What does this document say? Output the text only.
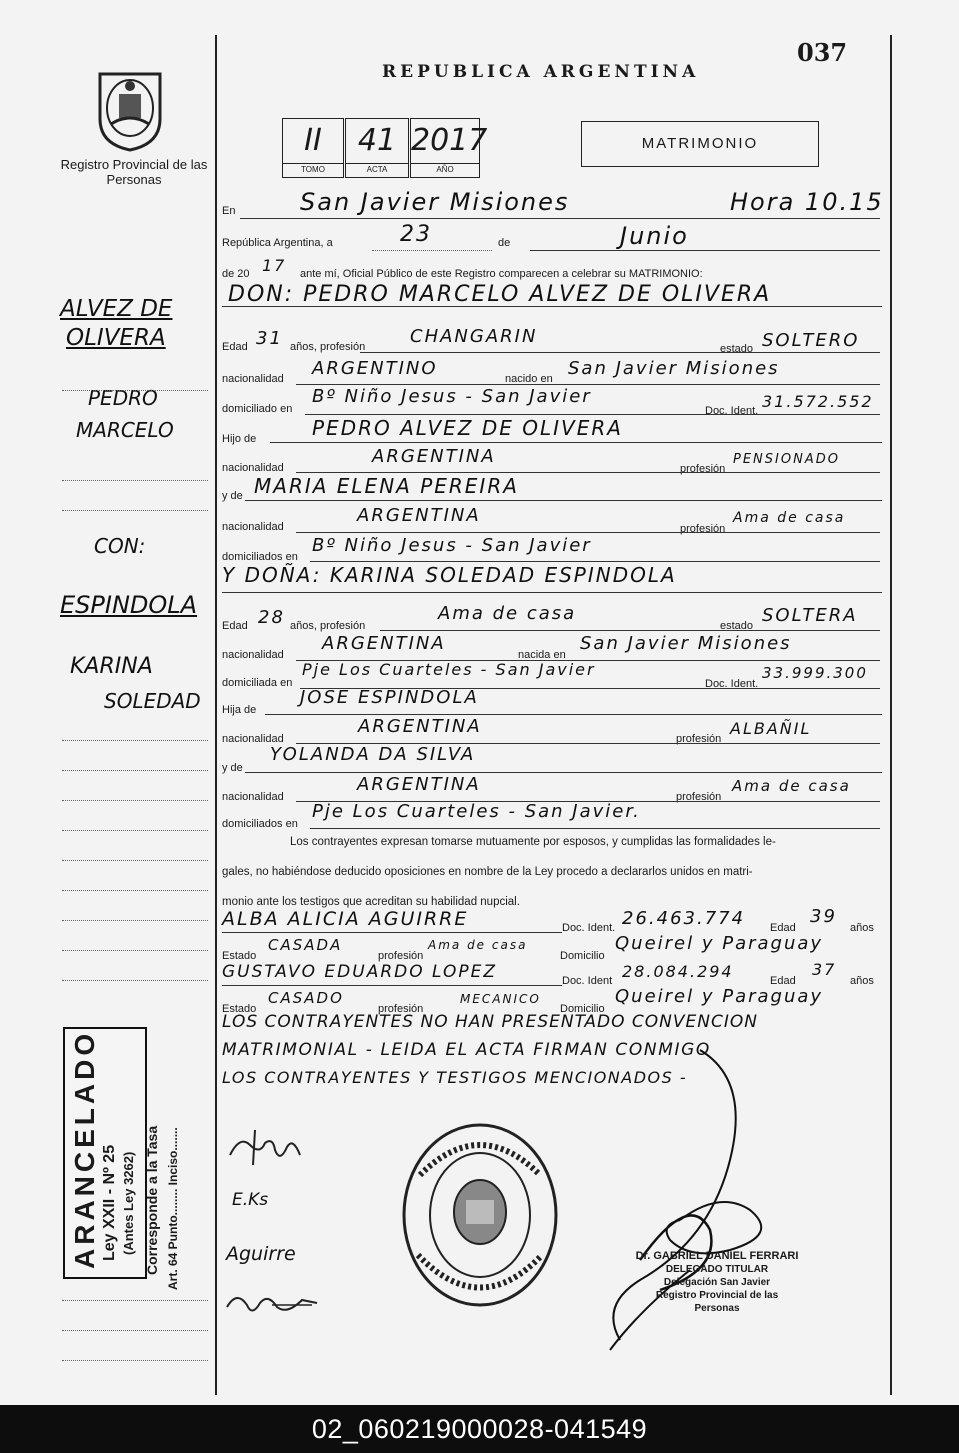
037
REPUBLICA ARGENTINA
Registro Provincial de las Personas
II	41 2017
TOMO	ACTA	AÑO
MATRIMONIO
En	San Javier Misiones	Hora 10.15
República Argentina, a	23	de	Junio
de 20 17 ante mí, Oficial Público de este Registro comparecen a celebrar su MATRIMONIO:
DON: PEDRO MARCELO ALVEZ DE OLIVERA
Edad 31 años, profesión CHANGARIN
estado SOLTERO
nacionalidad ARGENTINO	nacido en San Javier Misiones
domiciliado en
Bº Niño Jesus - San Javier
Doc. Ident. 31.572.552
Hijo de	PEDRO ALVEZ DE OLIVERA
nacionalidad
ARGENTINA
profesión
PENSIONADO
y de MARIA ELENA PEREIRA
nacionalidad
ARGENTINA
profesión
Ama de casa
domiciliados en
Bº Niño Jesus - San Javier
Y DOÑA: KARINA SOLEDAD ESPINDOLA
Edad 28 años, profesión
Ama de casa
estado SOLTERA
nacionalidad
ARGENTINA
nacida en
San Javier Misiones
domiciliada en
Pje Los Cuarteles - San Javier
Doc. Ident.
33.999.300
Hija de
JOSE ESPINDOLA
nacionalidad
ARGENTINA
profesión
ALBAÑIL
y de
YOLANDA DA SILVA
nacionalidad
ARGENTINA
profesión
Ama de casa
domiciliados en
Pje Los Cuarteles - San Javier.
Los contrayentes expresan tomarse mutuamente por esposos, y cumplidas las formalidades le-
gales, no habiéndose deducido oposiciones en nombre de la Ley procedo a declararlos unidos en matri-
monio ante los testigos que acreditan su habilidad nupcial.
ALBA ALICIA AGUIRRE	Doc. Ident. 26.463.774 Edad
39
años
Estado
CASADA
profesión
Ama de casa
Domicilio
Queirel y Paraguay
GUSTAVO EDUARDO LOPEZ	Doc. Ident 28.084.294	Edad
37
años
Estado
CASADO
profesión
MECANICO
Domicilio
Queirel y Paraguay
LOS CONTRAYENTES NO HAN PRESENTADO CONVENCION
MATRIMONIAL - LEIDA EL ACTA FIRMAN CONMIGO
LOS CONTRAYENTES Y TESTIGOS MENCIONADOS -
ALVEZ DE
OLIVERA
PEDRO
MARCELO
CON:
ESPINDOLA
KARINA
SOLEDAD
ARANCELADO Ley XXII - Nº 25 (Antes Ley 3262) Corresponde a la Tasa Art. 64 Punto........ Inciso.......	E.Ks
Aguirre	Dr. GABRIEL DANIEL FERRARI
DELEGADO TITULAR
Delegación San Javier
Registro Provincial de las Personas
02_060219000028-041549
